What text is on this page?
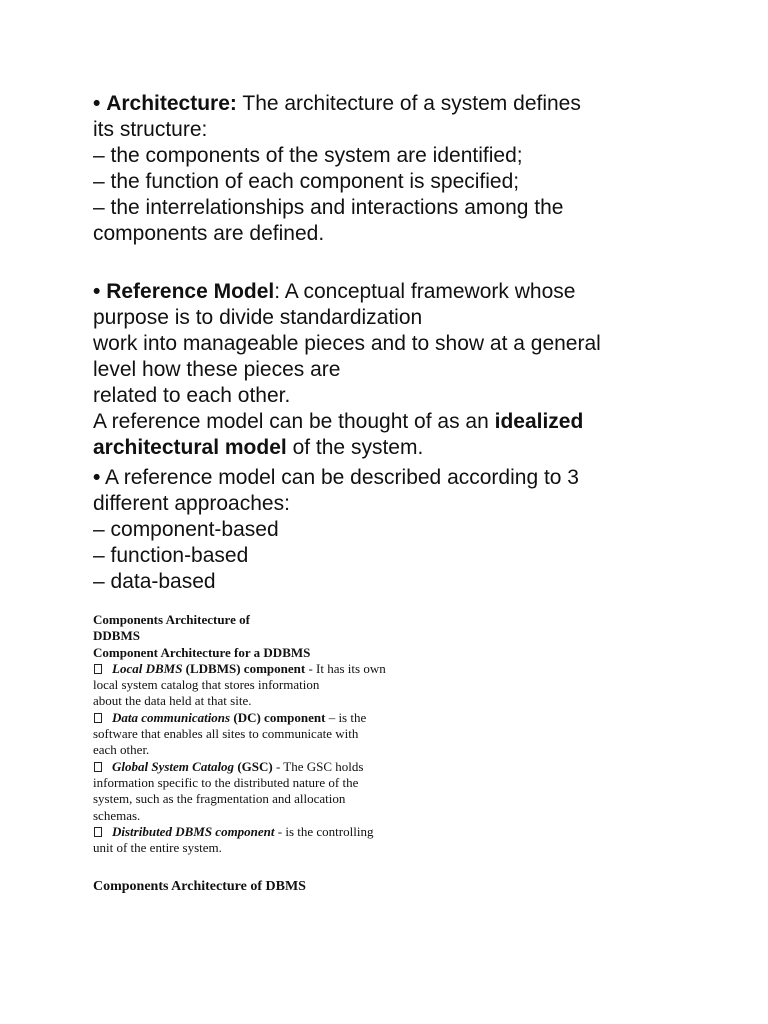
• Architecture: The architecture of a system defines
its structure:
– the components of the system are identified;
– the function of each component is specified;
– the interrelationships and interactions among the
components are defined.
• Reference Model: A conceptual framework whose
purpose is to divide standardization
work into manageable pieces and to show at a general
level how these pieces are
related to each other.
A reference model can be thought of as an idealized
architectural model of the system.
• A reference model can be described according to 3
different approaches:
– component-based
– function-based
– data-based
Components Architecture of
DDBMS
Component Architecture for a DDBMS
Local DBMS (LDBMS) component - It has its own
local system catalog that stores information
about the data held at that site.
Data communications (DC) component – is the
software that enables all sites to communicate with
each other.
Global System Catalog (GSC) - The GSC holds
information specific to the distributed nature of the
system, such as the fragmentation and allocation
schemas.
Distributed DBMS component - is the controlling
unit of the entire system.
Components Architecture of DBMS
